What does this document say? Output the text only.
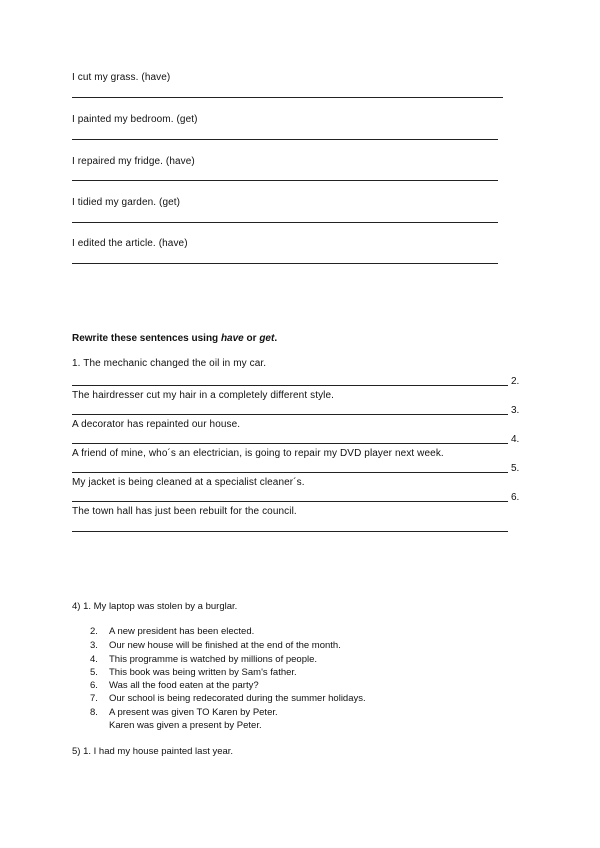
I cut my grass. (have)
I painted my bedroom. (get)
I repaired my fridge. (have)
I tidied my garden. (get)
I edited the article. (have)
Rewrite these sentences using have or get.
1. The mechanic changed the oil in my car.
2.
The hairdresser cut my hair in a completely different style.
3.
A decorator has repainted our house.
4.
A friend of mine, who´s an electrician, is going to repair my DVD player next week.
5.
My jacket is being cleaned at a specialist cleaner´s.
6.
The town hall has just been rebuilt for the council.
4) 1. My laptop was stolen by a burglar.
2. A new president has been elected.
3. Our new house will be finished at the end of the month.
4. This programme is watched by millions of people.
5. This book was being written by Sam's father.
6. Was all the food eaten at the party?
7. Our school is being redecorated during the summer holidays.
8. A present was given TO Karen by Peter.
Karen was given a present by Peter.
5) 1. I had my house painted last year.
